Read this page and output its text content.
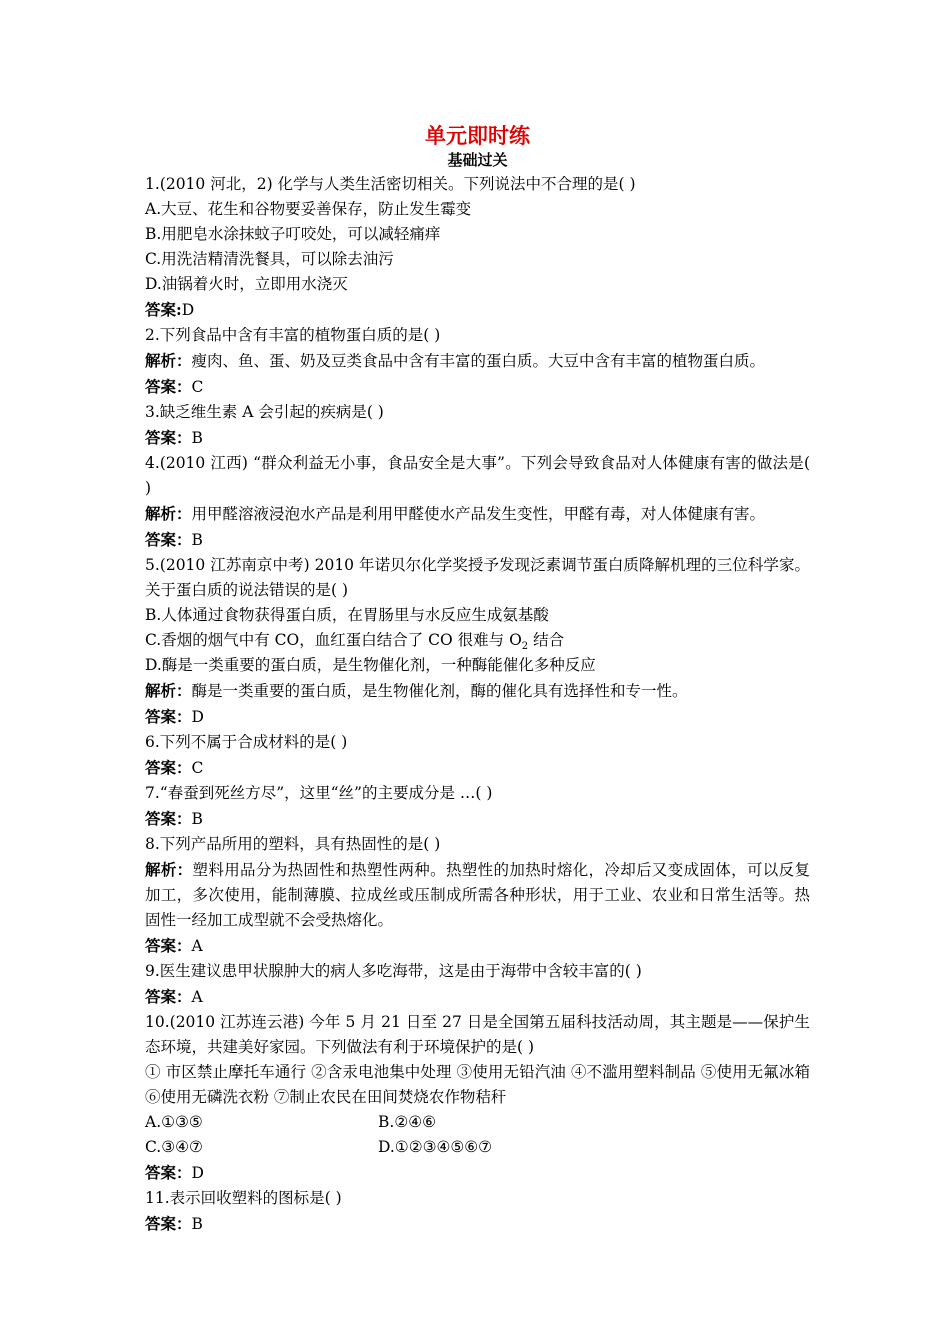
单元即时练

基础过关

1.(2010 河北，2) 化学与人类生活密切相关。下列说法中不合理的是( )

A.大豆、花生和谷物要妥善保存，防止发生霉变

B.用肥皂水涂抹蚊子叮咬处，可以减轻痛痒

C.用洗洁精清洗餐具，可以除去油污

D.油锅着火时，立即用水浇灭

答案:D

2.下列食品中含有丰富的植物蛋白质的是( )

解析：瘦肉、鱼、蛋、奶及豆类食品中含有丰富的蛋白质。大豆中含有丰富的植物蛋白质。

答案：C

3.缺乏维生素 A 会引起的疾病是( )

答案：B

4.(2010 江西) “群众利益无小事，食品安全是大事”。下列会导致食品对人体健康有害的做法是( )

解析：用甲醛溶液浸泡水产品是利用甲醛使水产品发生变性，甲醛有毒，对人体健康有害。

答案：B

5.(2010 江苏南京中考) 2010 年诺贝尔化学奖授予发现泛素调节蛋白质降解机理的三位科学家。关于蛋白质的说法错误的是( )

B.人体通过食物获得蛋白质，在胃肠里与水反应生成氨基酸

C.香烟的烟气中有 CO，血红蛋白结合了 CO 很难与 $O_2$ 结合

D.酶是一类重要的蛋白质，是生物催化剂，一种酶能催化多种反应

解析：酶是一类重要的蛋白质，是生物催化剂，酶的催化具有选择性和专一性。

答案：D

6.下列不属于合成材料的是( )

答案：C

7.“春蚕到死丝方尽”，这里“丝”的主要成分是 …( )

答案：B

8.下列产品所用的塑料，具有热固性的是( )

解析：塑料用品分为热固性和热塑性两种。热塑性的加热时熔化，冷却后又变成固体，可以反复加工，多次使用，能制薄膜、拉成丝或压制成所需各种形状，用于工业、农业和日常生活等。热固性一经加工成型就不会受热熔化。

答案：A

9.医生建议患甲状腺肿大的病人多吃海带，这是由于海带中含较丰富的( )

答案：A

10.(2010 江苏连云港) 今年 5 月 21 日至 27 日是全国第五届科技活动周，其主题是——保护生态环境，共建美好家园。下列做法有利于环境保护的是( )

① 市区禁止摩托车通行 ②含汞电池集中处理 ③使用无铅汽油 ④不滥用塑料制品 ⑤使用无氟冰箱 ⑥使用无磷洗衣粉 ⑦制止农民在田间焚烧农作物秸秆

A.①③⑤	B.②④⑥
C.③④⑦	D.①②③④⑤⑥⑦

答案：D

11.表示回收塑料的图标是( )

答案：B
